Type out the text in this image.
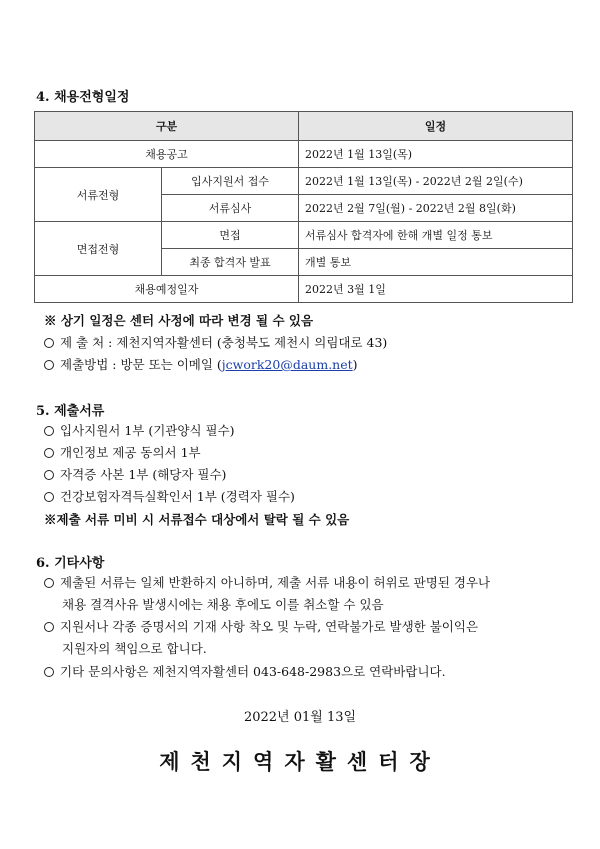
4. 채용전형일정
구분		일정
채용공고		2022년 1월 13일(목)
서류전형	입사지원서 접수	2022년 1월 13일(목) - 2022년 2월 2일(수)
	서류심사	2022년 2월 7일(월) - 2022년 2월 8일(화)
면접전형	면접	서류심사 합격자에 한해 개별 일정 통보
	최종 합격자 발표	개별 통보
채용예정일자		2022년 3월 1일
※ 상기 일정은 센터 사정에 따라 변경 될 수 있음
제 출 처 : 제천지역자활센터 (충청북도 제천시 의림대로 43)
제출방법 : 방문 또는 이메일 (jcwork20@daum.net)
5. 제출서류
입사지원서 1부 (기관양식 필수)
개인정보 제공 동의서 1부
자격증 사본 1부 (해당자 필수)
건강보험자격득실확인서 1부 (경력자 필수)
※제출 서류 미비 시 서류접수 대상에서 탈락 될 수 있음
6. 기타사항
제출된 서류는 일체 반환하지 아니하며, 제출 서류 내용이 허위로 판명된 경우나
채용 결격사유 발생시에는 채용 후에도 이를 취소할 수 있음
지원서나 각종 증명서의 기재 사항 착오 및 누락, 연락불가로 발생한 불이익은
지원자의 책임으로 합니다.
기타 문의사항은 제천지역자활센터 043-648-2983으로 연락바랍니다.
2022년 01월 13일
제천지역자활센터장
